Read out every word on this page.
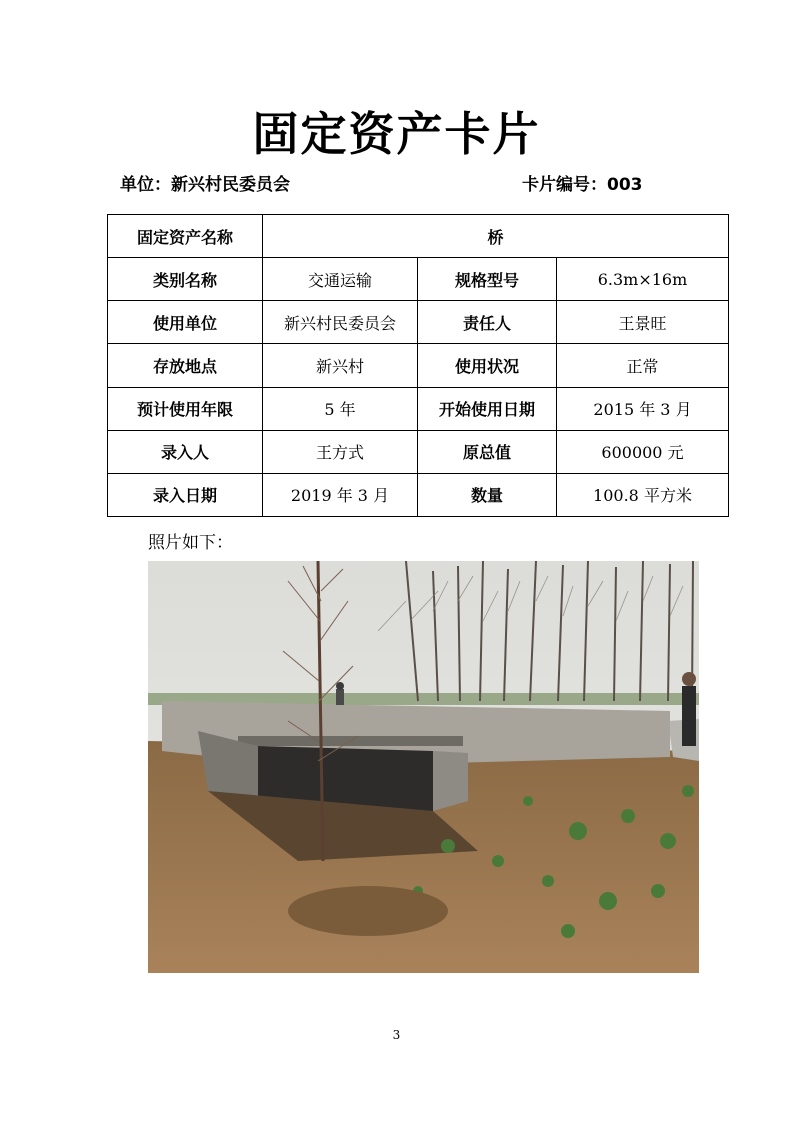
固定资产卡片
单位：新兴村民委员会	卡片编号：003
固定资产名称	桥		
类别名称	交通运输	规格型号	6.3m×16m
使用单位	新兴村民委员会	责任人	王景旺
存放地点	新兴村	使用状况	正常
预计使用年限	5 年	开始使用日期	2015 年 3 月
录入人	王方式	原总值	600000 元
录入日期	2019 年 3 月	数量	100.8 平方米
照片如下：
3
